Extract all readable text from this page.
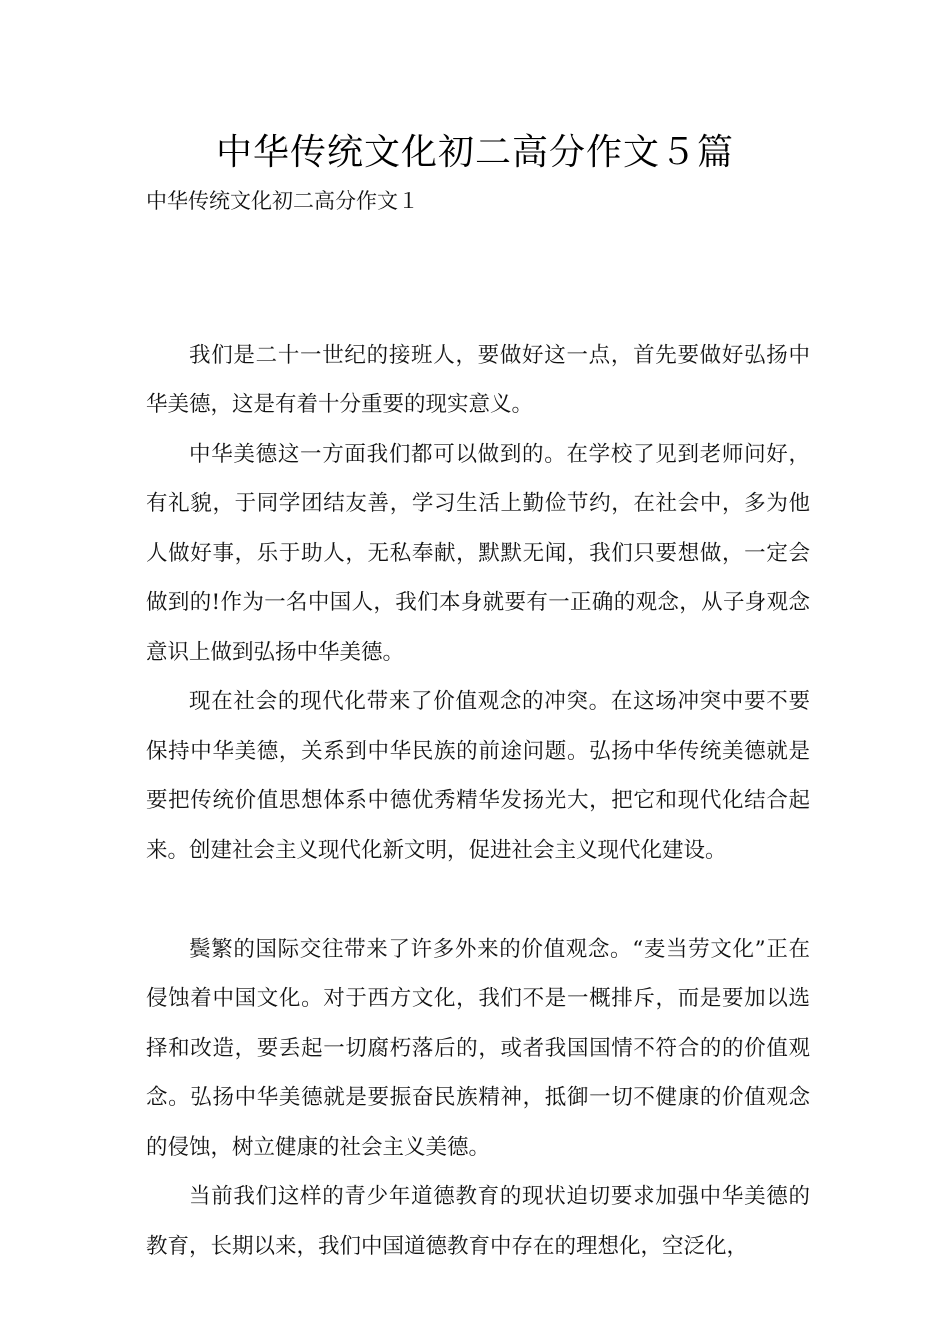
中华传统文化初二高分作文５篇

中华传统文化初二高分作文１

我们是二十一世纪的接班人，要做好这一点，首先要做好弘扬中华美德，这是有着十分重要的现实意义。

中华美德这一方面我们都可以做到的。在学校了见到老师问好，有礼貌，于同学团结友善，学习生活上勤俭节约，在社会中，多为他人做好事，乐于助人，无私奉献，默默无闻，我们只要想做，一定会做到的!作为一名中国人，我们本身就要有一正确的观念，从子身观念意识上做到弘扬中华美德。

现在社会的现代化带来了价值观念的冲突。在这场冲突中要不要保持中华美德，关系到中华民族的前途问题。弘扬中华传统美德就是要把传统价值思想体系中德优秀精华发扬光大，把它和现代化结合起来。创建社会主义现代化新文明，促进社会主义现代化建设。

鬓繁的国际交往带来了许多外来的价值观念。“麦当劳文化”正在侵蚀着中国文化。对于西方文化，我们不是一概排斥，而是要加以选择和改造，要丢起一切腐朽落后的，或者我国国情不符合的的价值观念。弘扬中华美德就是要振奋民族精神，抵御一切不健康的价值观念的侵蚀，树立健康的社会主义美德。

当前我们这样的青少年道德教育的现状迫切要求加强中华美德的教育，长期以来，我们中国道德教育中存在的理想化，空泛化，
